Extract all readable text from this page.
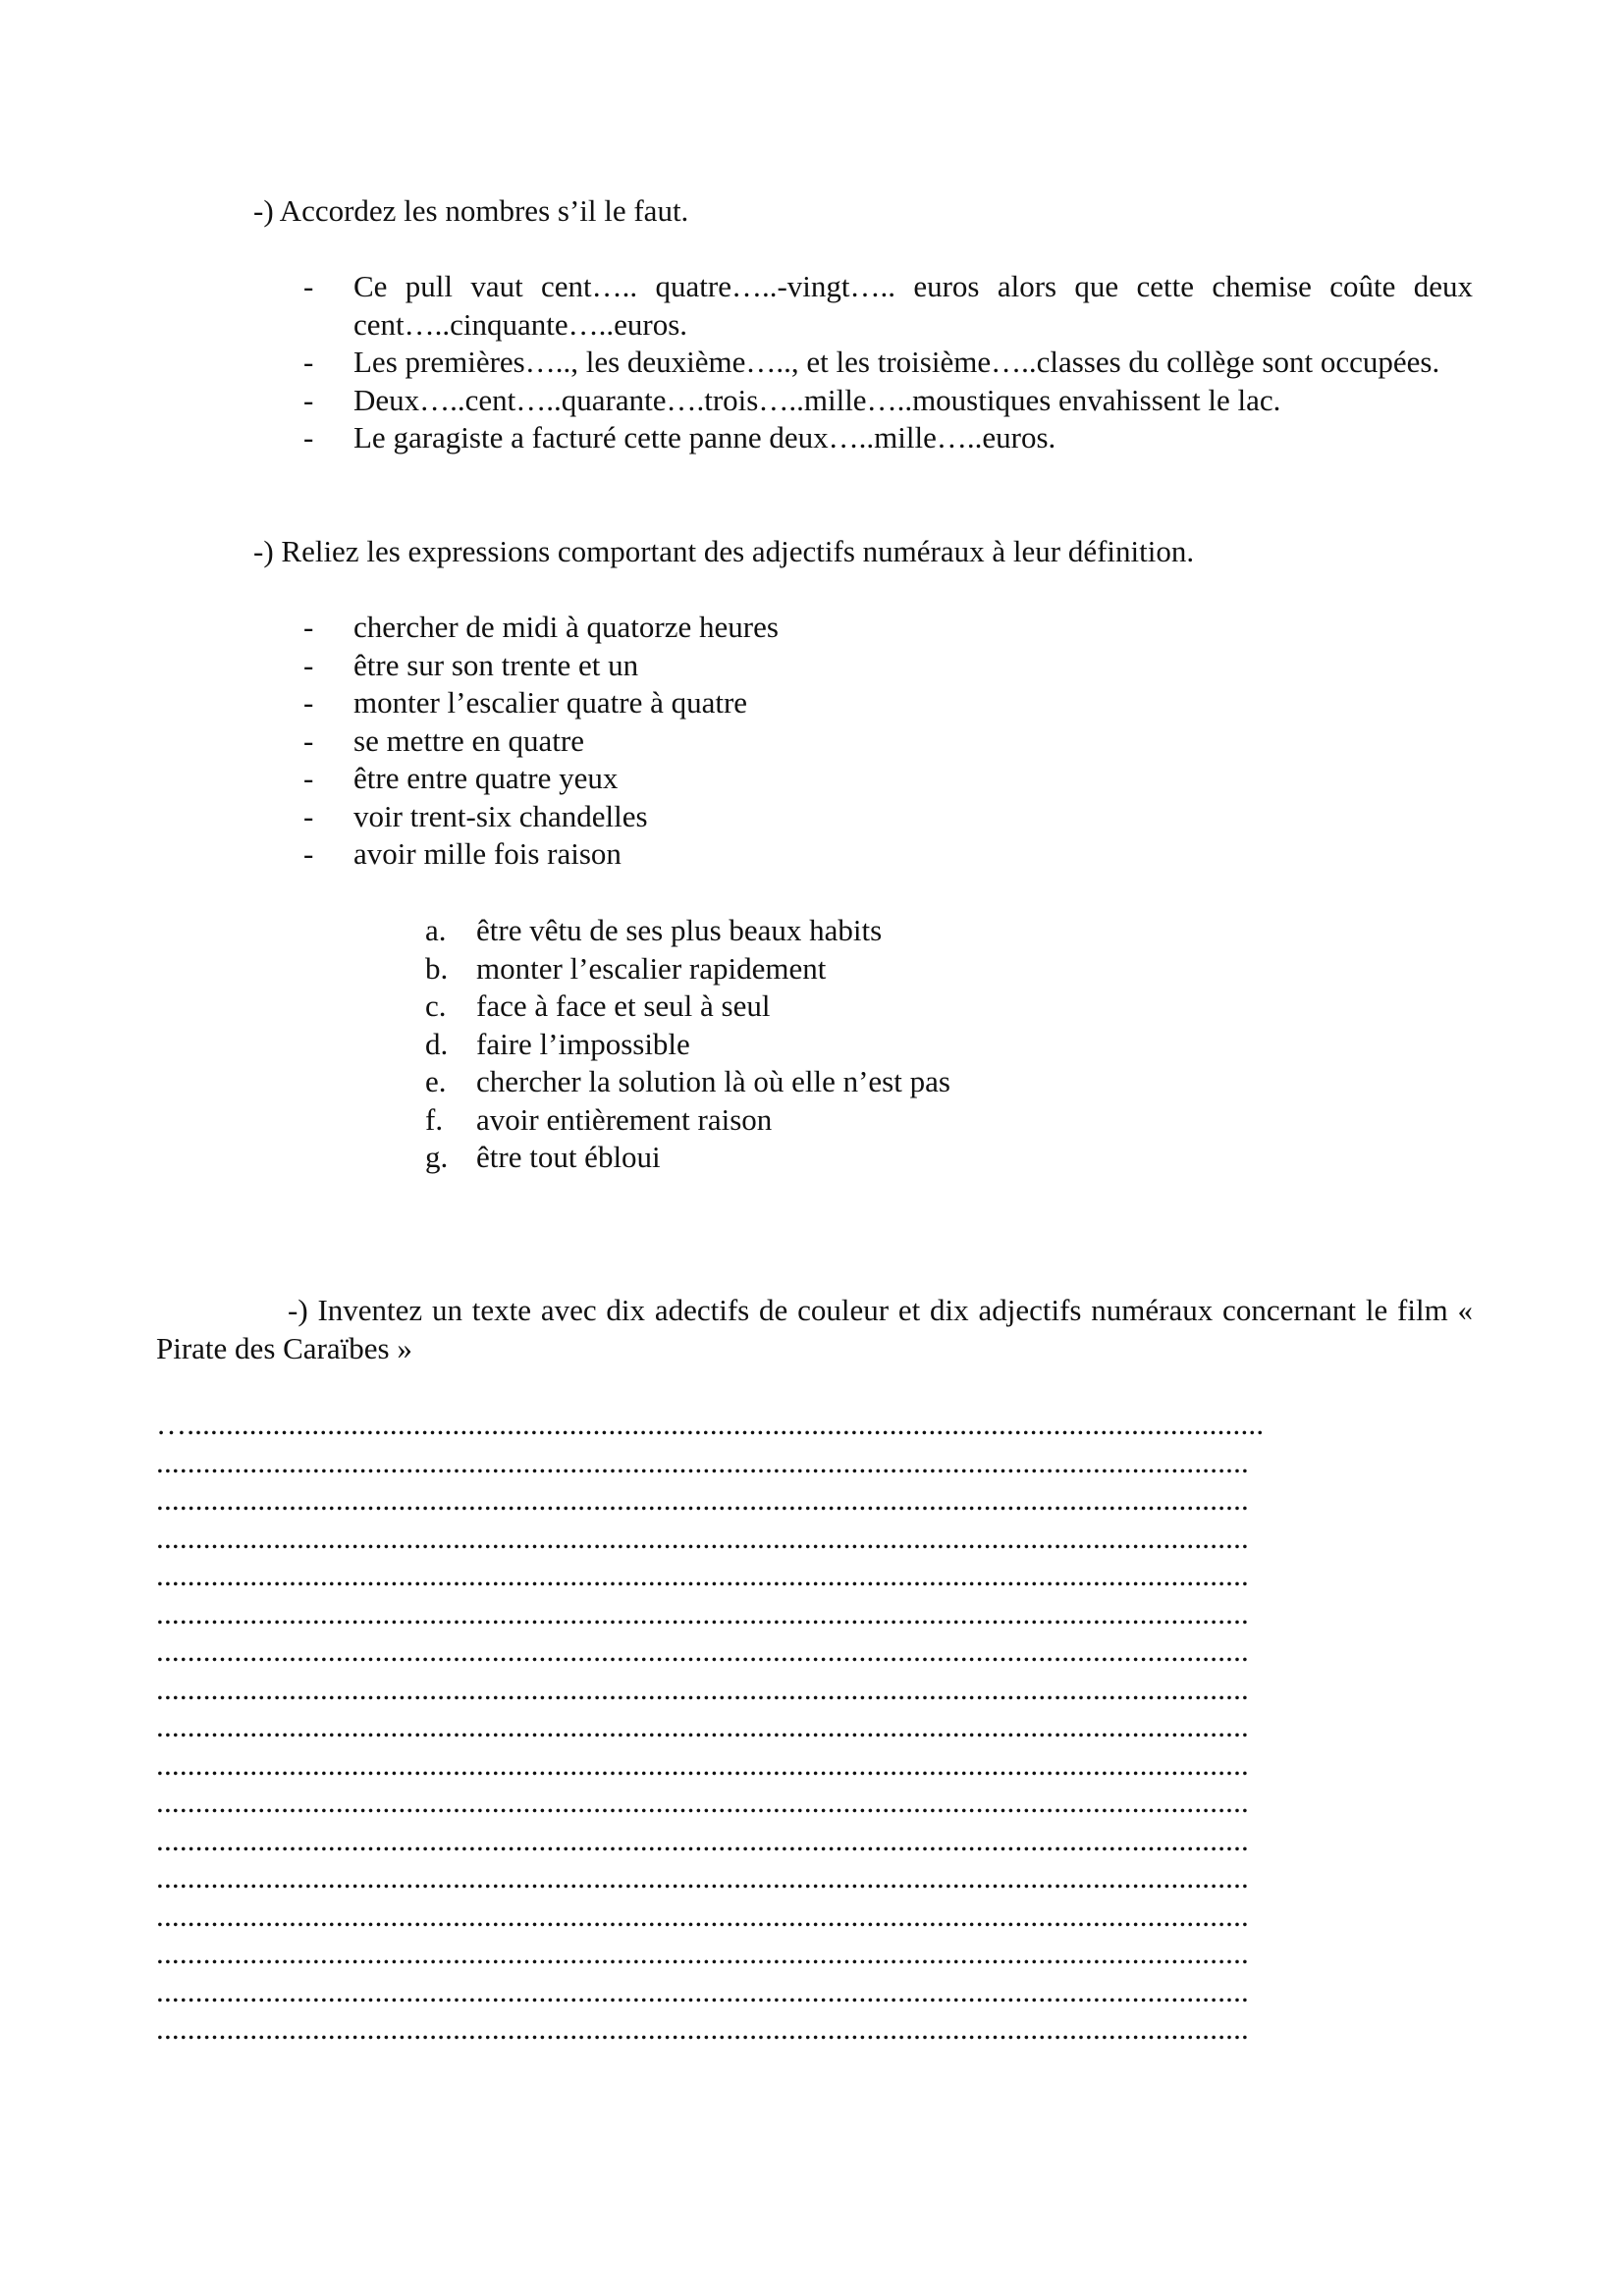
-) Accordez les nombres s’il le faut.
- Ce pull vaut cent….. quatre…..-vingt….. euros alors que cette chemise coûte deux cent…..cinquante…..euros.
- Les premières….., les deuxième….., et les troisième…..classes du collège sont occupées.
- Deux…..cent…..quarante….trois…..mille…..moustiques envahissent le lac.
- Le garagiste a facturé cette panne deux…..mille…..euros.
-) Reliez les expressions comportant des adjectifs numéraux à leur définition.
- chercher de midi à quatorze heures
- être sur son trente et un
- monter l’escalier quatre à quatre
- se mettre en quatre
- être entre quatre yeux
- voir trent-six chandelles
- avoir mille fois raison
a. être vêtu de ses plus beaux habits
b. monter l’escalier rapidement
c. face à face et seul à seul
d. faire l’impossible
e. chercher la solution là où elle n’est pas
f. avoir entièrement raison
g. être tout ébloui
-) Inventez un texte avec dix adectifs de couleur et dix adjectifs numéraux concernant le film « Pirate des Caraïbes »
…..........................................................................................................................................
............................................................................................................................................
............................................................................................................................................
............................................................................................................................................
............................................................................................................................................
............................................................................................................................................
............................................................................................................................................
............................................................................................................................................
............................................................................................................................................
............................................................................................................................................
............................................................................................................................................
............................................................................................................................................
............................................................................................................................................
............................................................................................................................................
............................................................................................................................................
............................................................................................................................................
............................................................................................................................................
